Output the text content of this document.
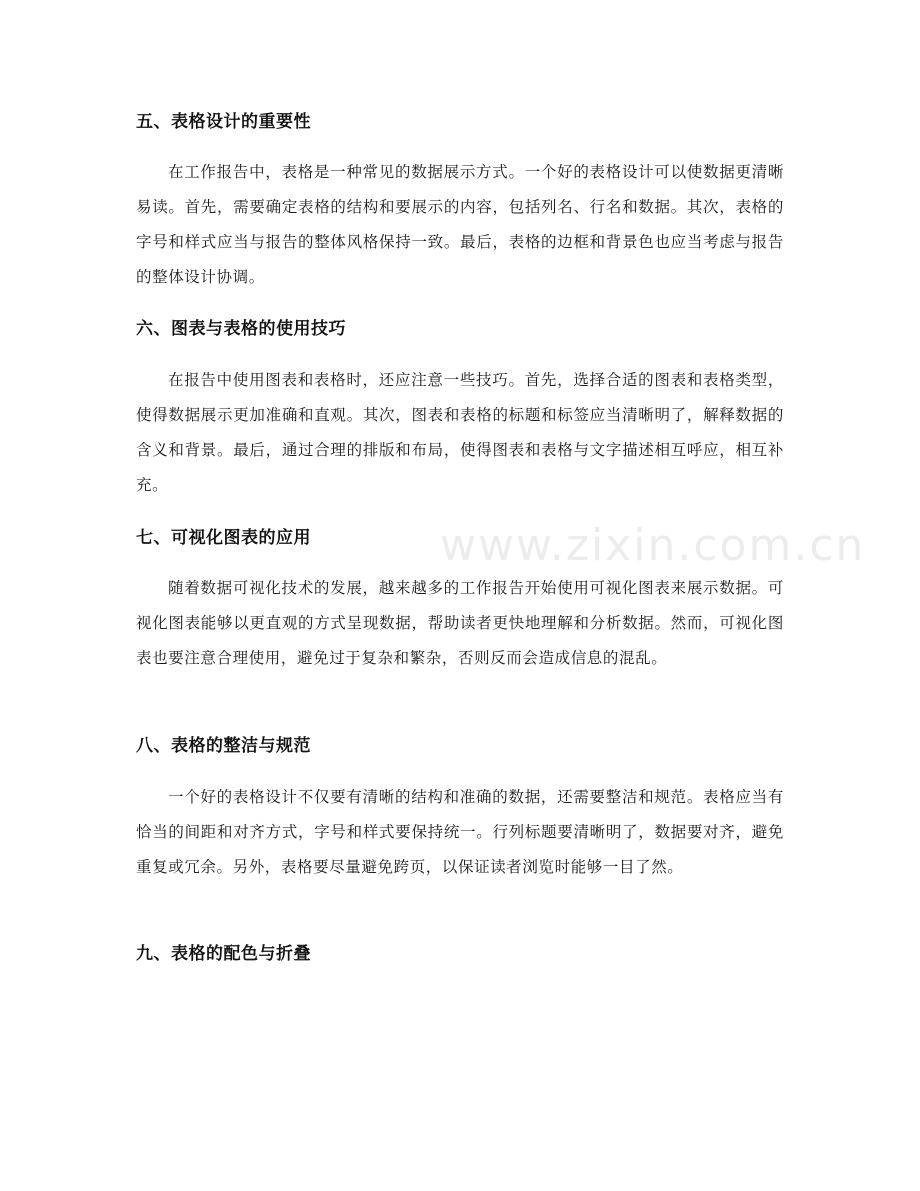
www.zixin.com.cn
五、表格设计的重要性

在工作报告中，表格是一种常见的数据展示方式。一个好的表格设计可以使数据更清晰易读。首先，需要确定表格的结构和要展示的内容，包括列名、行名和数据。其次，表格的字号和样式应当与报告的整体风格保持一致。最后，表格的边框和背景色也应当考虑与报告的整体设计协调。

六、图表与表格的使用技巧

在报告中使用图表和表格时，还应注意一些技巧。首先，选择合适的图表和表格类型，使得数据展示更加准确和直观。其次，图表和表格的标题和标签应当清晰明了，解释数据的含义和背景。最后，通过合理的排版和布局，使得图表和表格与文字描述相互呼应，相互补充。

七、可视化图表的应用

随着数据可视化技术的发展，越来越多的工作报告开始使用可视化图表来展示数据。可视化图表能够以更直观的方式呈现数据，帮助读者更快地理解和分析数据。然而，可视化图表也要注意合理使用，避免过于复杂和繁杂，否则反而会造成信息的混乱。

八、表格的整洁与规范

一个好的表格设计不仅要有清晰的结构和准确的数据，还需要整洁和规范。表格应当有恰当的间距和对齐方式，字号和样式要保持统一。行列标题要清晰明了，数据要对齐，避免重复或冗余。另外，表格要尽量避免跨页，以保证读者浏览时能够一目了然。

九、表格的配色与折叠
